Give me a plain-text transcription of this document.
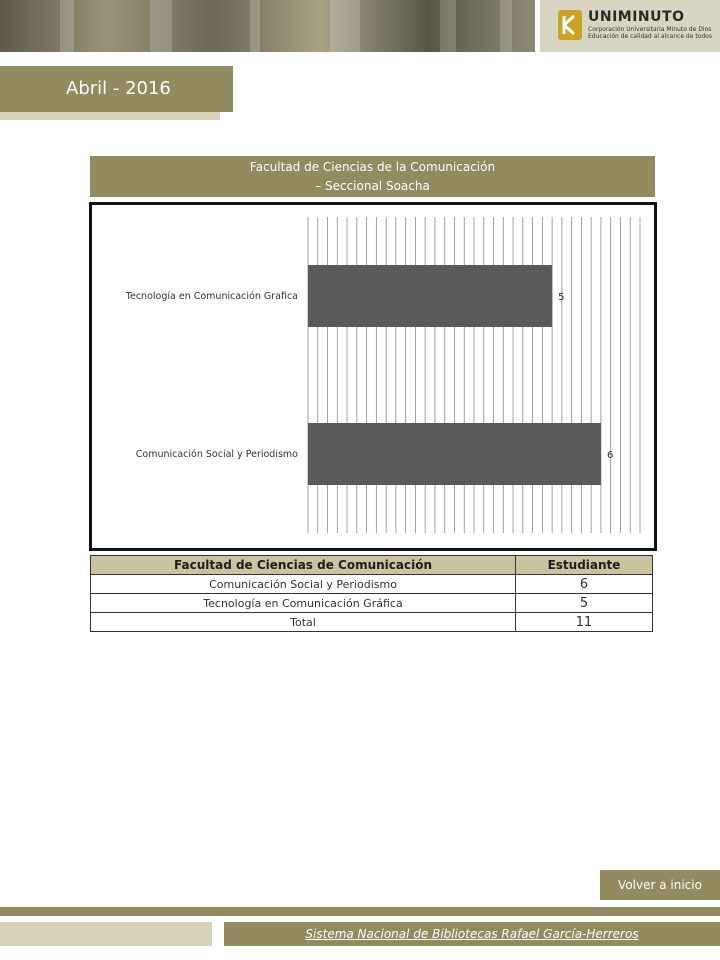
UNIMINUTO
Corporación Universitaria Minuto de Dios
Educación de calidad al alcance de todos
Abril - 2016
Facultad de Ciencias de la Comunicación
– Seccional Soacha
Tecnología en Comunicación Grafica	5
Comunicación Social y Periodismo	6
Facultad de Ciencias de Comunicación	Estudiante
Comunicación Social y Periodismo	6
Tecnología en Comunicación Gráfica	5
Total	11
Volver a inicio
Sistema Nacional de Bibliotecas Rafael García-Herreros
